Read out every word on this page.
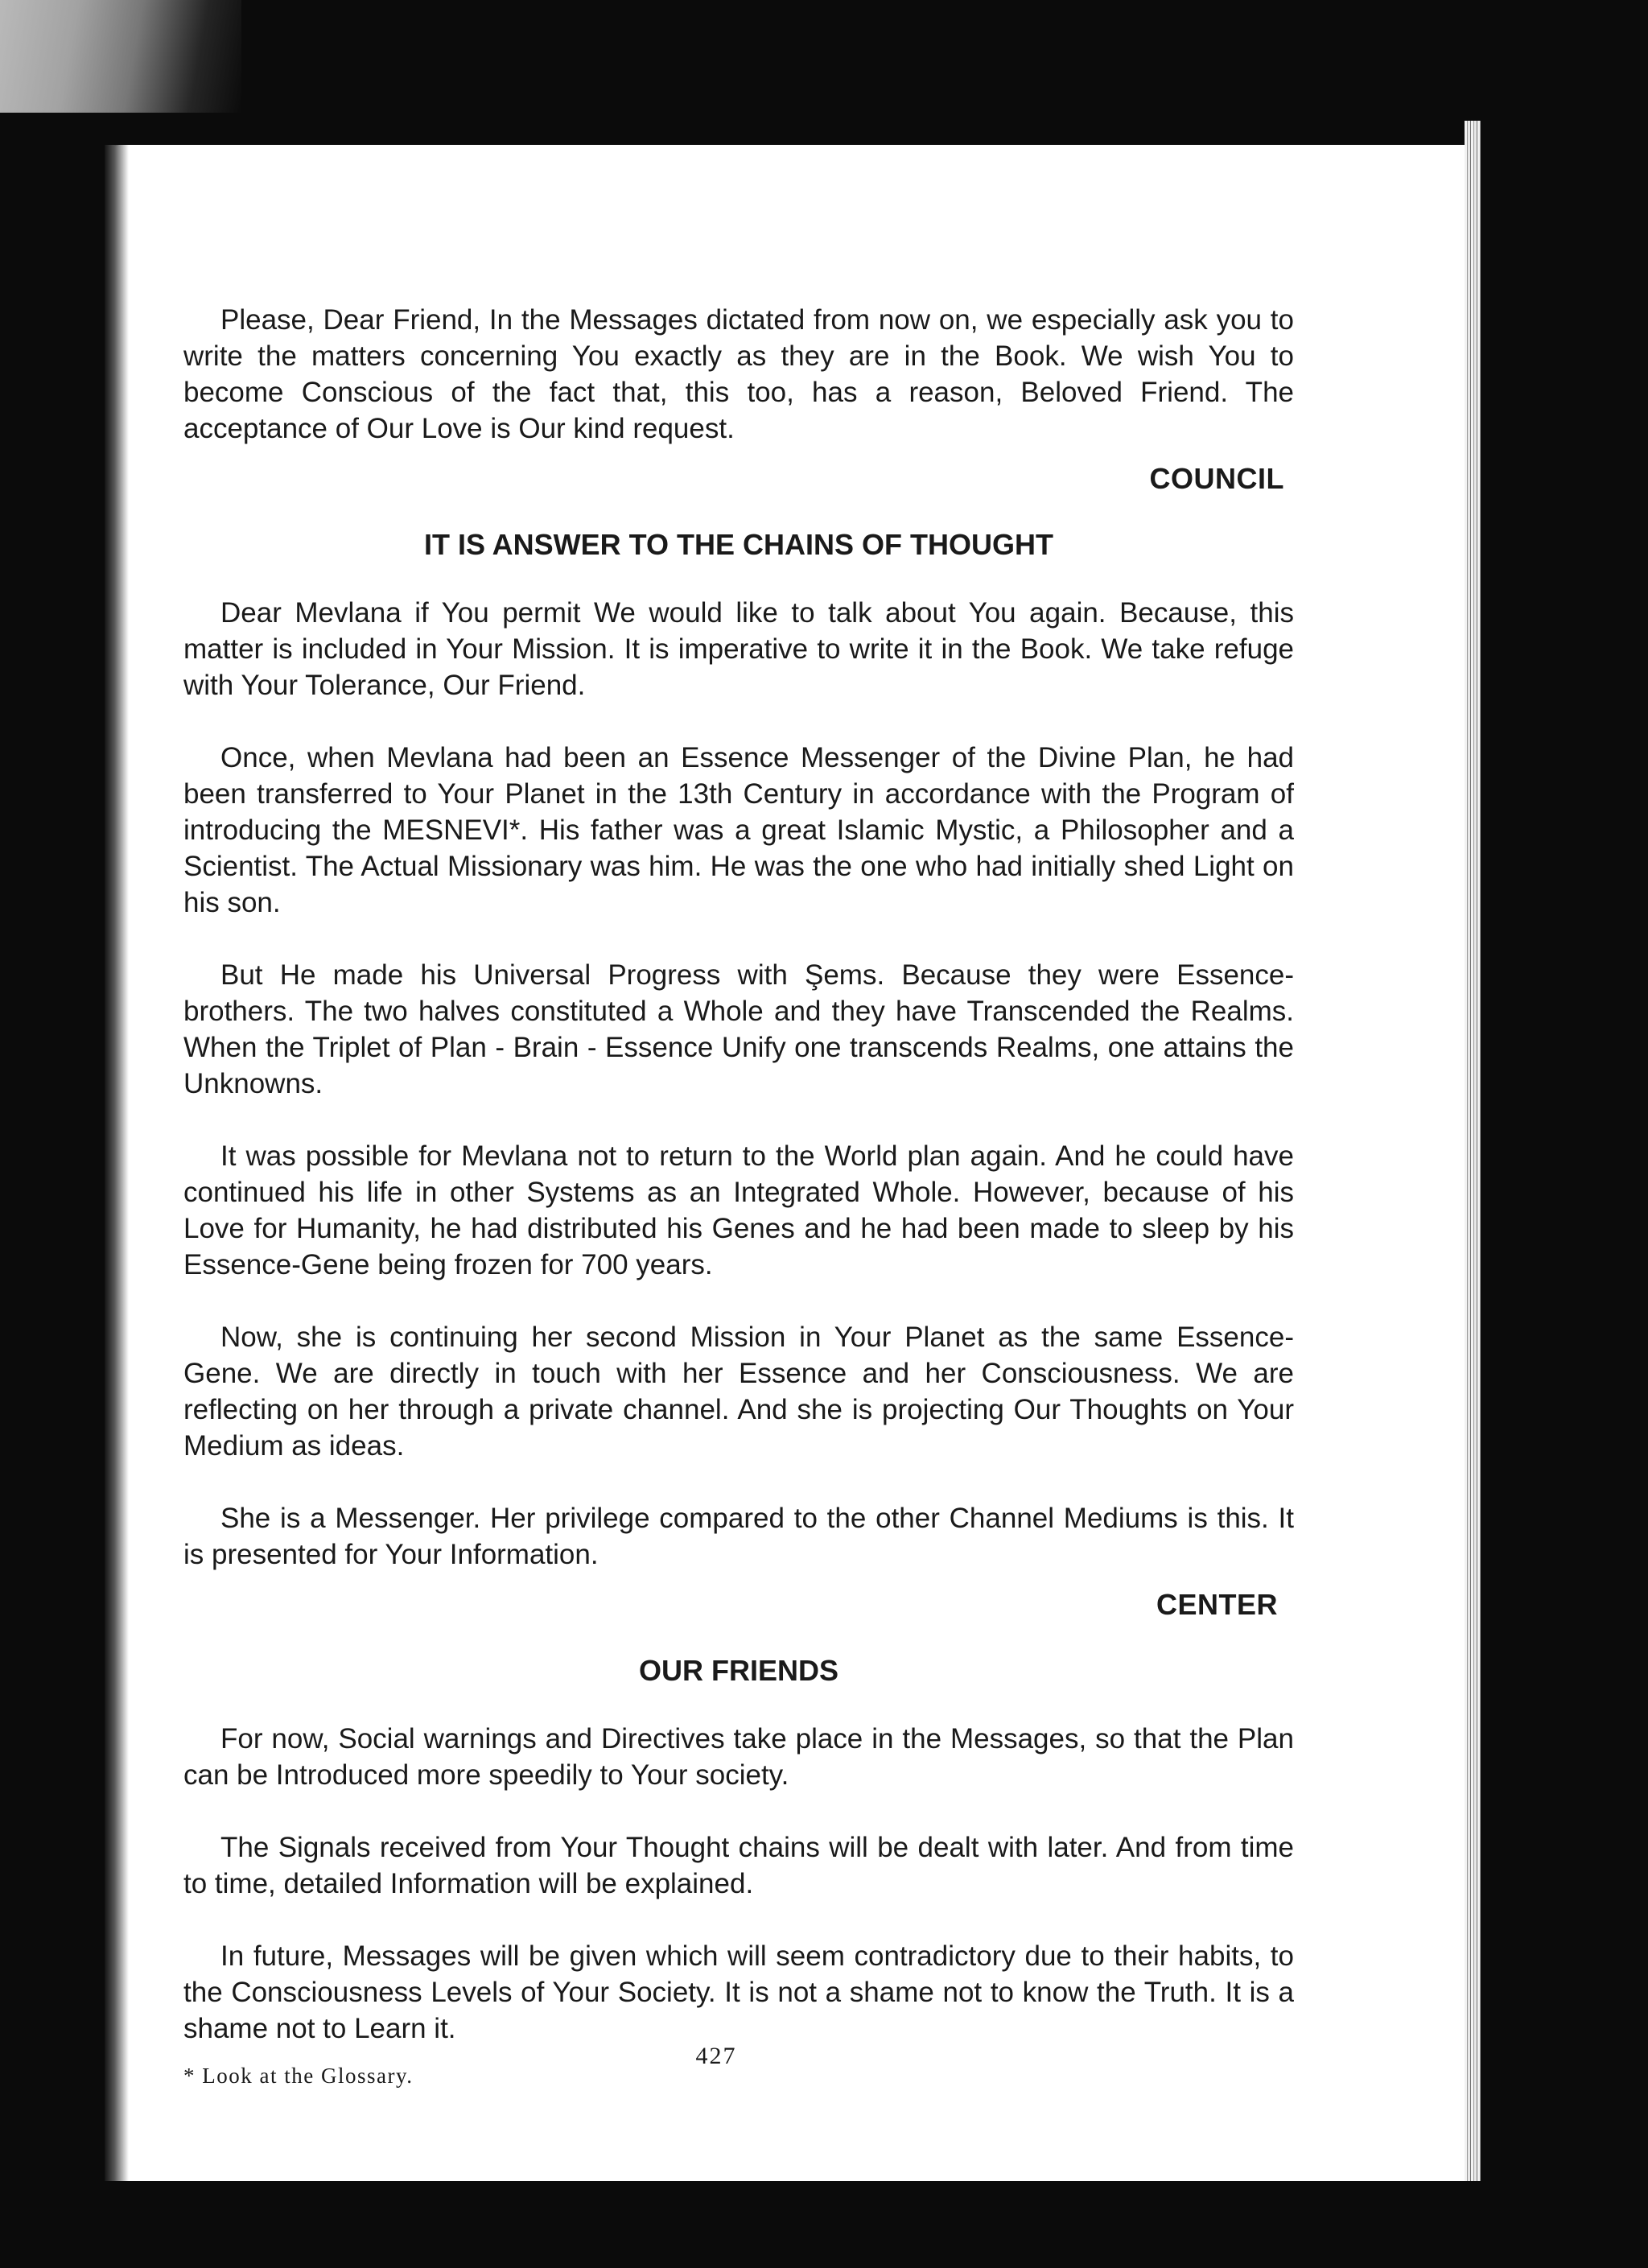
Please, Dear Friend, In the Messages dictated from now on, we especially ask you to write the matters concerning You exactly as they are in the Book. We wish You to become Conscious of the fact that, this too, has a reason, Beloved Friend. The acceptance of Our Love is Our kind request.

COUNCIL
IT IS ANSWER TO THE CHAINS OF THOUGHT

Dear Mevlana if You permit We would like to talk about You again. Because, this matter is included in Your Mission. It is imperative to write it in the Book. We take refuge with Your Tolerance, Our Friend.

Once, when Mevlana had been an Essence Messenger of the Divine Plan, he had been transferred to Your Planet in the 13th Century in accordance with the Program of introducing the MESNEVI*. His father was a great Islamic Mystic, a Philosopher and a Scientist. The Actual Missionary was him. He was the one who had initially shed Light on his son.

But He made his Universal Progress with Şems. Because they were Essence- brothers. The two halves constituted a Whole and they have Transcended the Realms. When the Triplet of Plan - Brain - Essence Unify one transcends Realms, one attains the Unknowns.

It was possible for Mevlana not to return to the World plan again. And he could have continued his life in other Systems as an Integrated Whole. However, because of his Love for Humanity, he had distributed his Genes and he had been made to sleep by his Essence-Gene being frozen for 700 years.

Now, she is continuing her second Mission in Your Planet as the same Essence-Gene. We are directly in touch with her Essence and her Consciousness. We are reflecting on her through a private channel. And she is projecting Our Thoughts on Your Medium as ideas.

She is a Messenger. Her privilege compared to the other Channel Mediums is this. It is presented for Your Information.

CENTER
OUR FRIENDS

For now, Social warnings and Directives take place in the Messages, so that the Plan can be Introduced more speedily to Your society.

The Signals received from Your Thought chains will be dealt with later. And from time to time, detailed Information will be explained.

In future, Messages will be given which will seem contradictory due to their habits, to the Consciousness Levels of Your Society. It is not a shame not to know the Truth. It is a shame not to Learn it.

* Look at the Glossary.
427
